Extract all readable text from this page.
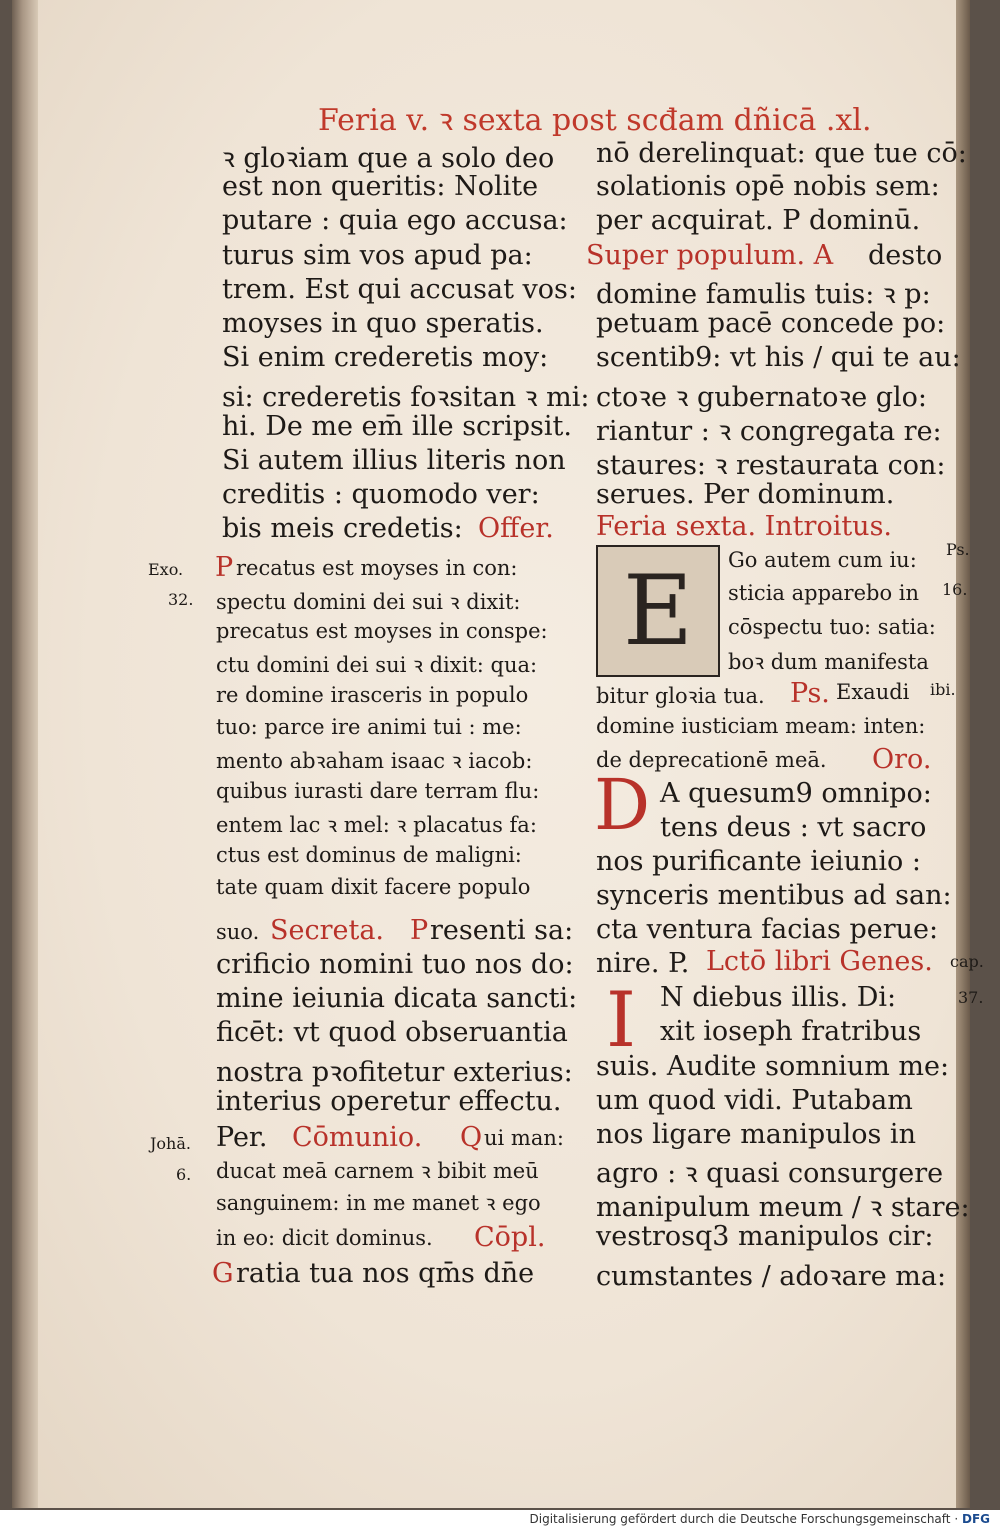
Feria v. ꝛ sexta post scđam dñicā .xl.
ꝛ gloꝛiam que a solo deo
est non queritis: Nolite
putare : quia ego accusa:
turus sim vos apud pa:
trem. Est qui accusat vos:
moyses in quo speratis.
Si enim crederetis moy:
si: crederetis foꝛsitan ꝛ mi:
hi. De me em̄ ille scripsit.
Si autem illius literis non
creditis : quomodo ver:
bis meis credetis: Offer.
Exo.
32.
P recatus est moyses in con:
spectu domini dei sui ꝛ dixit:
precatus est moyses in conspe:
ctu domini dei sui ꝛ dixit: qua:
re domine irasceris in populo
tuo: parce ire animi tui : me:
mento abꝛaham isaac ꝛ iacob:
quibus iurasti dare terram flu:
entem lac ꝛ mel: ꝛ placatus fa:
ctus est dominus de maligni:
tate quam dixit facere populo
suo. Secreta. P resenti sa:
crificio nomini tuo nos do:
mine ieiunia dicata sancti:
ficēt: vt quod obseruantia
nostra pꝛofitetur exterius:
interius operetur effectu.
Johā.
6.
Per. Cōmunio. Q ui man:
ducat meā carnem ꝛ bibit meū
sanguinem: in me manet ꝛ ego
in eo: dicit dominus. Cōpl.
G ratia tua nos qm̄s dn̄e
nō derelinquat: que tue cō:
solationis opē nobis sem:
per acquirat. P dominū.
Super populum. A desto
domine famulis tuis: ꝛ p:
petuam pacē concede po:
scentib9: vt his / qui te au:
ctoꝛe ꝛ gubernatoꝛe glo:
riantur : ꝛ congregata re:
staures: ꝛ restaurata con:
serues. Per dominum.
Feria sexta. Introitus.
E	Go autem cum iu:
sticia apparebo in
cōspectu tuo: satia:
boꝛ dum manifesta
Ps.
16.
bitur gloꝛia tua. Ps. Exaudi ibi.
domine iusticiam meam: inten:
de deprecationē meā. Oro.
D A quesum9 omnipo:
tens deus : vt sacro
nos purificante ieiunio :
synceris mentibus ad san:
cta ventura facias perue:
nire. P. Lctō libri Genes. cap.
37.
I N diebus illis. Di:
xit ioseph fratribus
suis. Audite somnium me:
um quod vidi. Putabam
nos ligare manipulos in
agro : ꝛ quasi consurgere
manipulum meum / ꝛ stare:
vestrosq3 manipulos cir:
cumstantes / adoꝛare ma:
Digitalisierung gefördert durch die Deutsche Forschungsgemeinschaft · DFG
